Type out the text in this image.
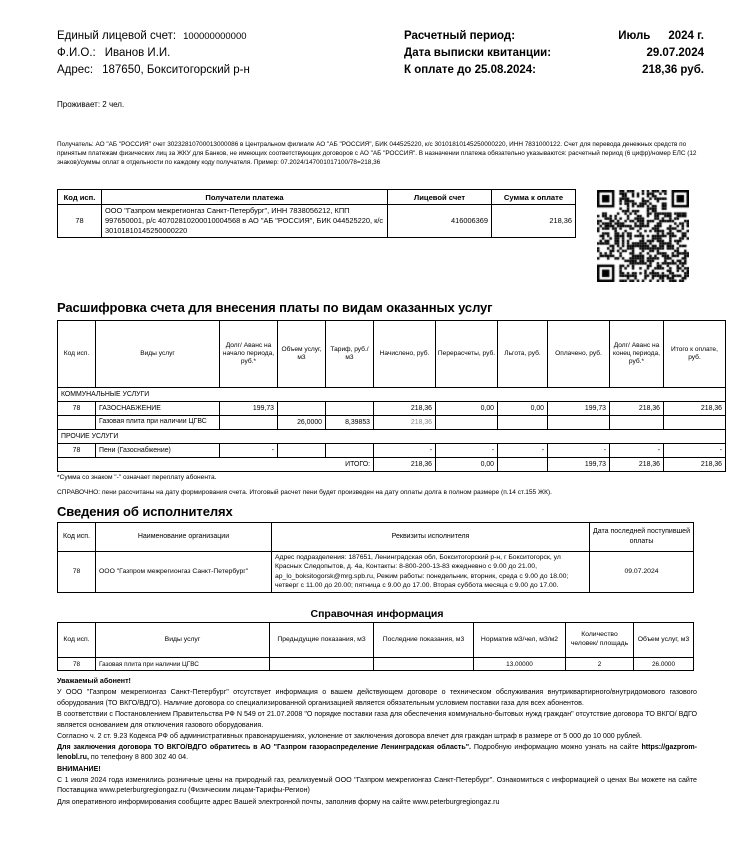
Единый лицевой счет: 100000000000
Ф.И.О.: Иванов И.И.
Адрес: 187650, Бокситогорский р-н
Расчетный период:	Июль 2024 г.
Дата выписки квитанции:	29.07.2024
К оплате до 25.08.2024:	218,36 руб.
Проживает: 2 чел.
Получатель: АО "АБ "РОССИЯ" счет 30232810700013000086 в Центральном филиале АО "АБ "РОССИЯ", БИК 044525220, к/с 30101810145250000220, ИНН 7831000122. Счет для перевода денежных средств по принятым платежам физических лиц за ЖКУ для Банков, не имеющих соответствующих договоров с АО "АБ "РОССИЯ". В назначении платежа обязательно указываются: расчетный период (6 цифр)/номер ЕЛС (12 знаков)/суммы оплат в отдельности по каждому коду получателя. Пример: 07.2024/147001017100/78=218,36
Код исп.	Получатели платежа	Лицевой счет	Сумма к оплате
78	ООО "Газпром межрегионгаз Санкт-Петербург", ИНН 7838056212, КПП 997650001, р/с 40702810200010004568 в АО "АБ "РОССИЯ", БИК 044525220, к/с 30101810145250000220	416006369	218,36
Расшифровка счета для внесения платы по видам оказанных услуг
Код исп.	Виды услуг	Долг/ Аванс на начало периода, руб.*	Объем услуг, м3	Тариф, руб./м3	Начислено, руб.	Перерасчеты, руб.	Льгота, руб.	Оплачено, руб.	Долг/ Аванс на конец периода, руб.*	Итого к оплате, руб.
КОММУНАЛЬНЫЕ УСЛУГИ										
78	ГАЗОСНАБЖЕНИЕ	199,73			218,36	0,00	0,00	199,73	218,36	218,36
	Газовая плита при наличии ЦГВС		26,0000	8,39853	218,36					
ПРОЧИЕ УСЛУГИ										
78	Пени (Газоснабжение)	-			-	-	-	-	-	-
ИТОГО:					218,36	0,00		199,73	218,36	218,36
*Сумма со знаком "-" означает переплату абонента.
СПРАВОЧНО: пени рассчитаны на дату формирования счета. Итоговый расчет пени будет произведен на дату оплаты долга в полном размере (п.14 ст.155 ЖК).
Сведения об исполнителях
Код исп.	Наименование организации	Реквизиты исполнителя	Дата последней поступившей оплаты
78	ООО "Газпром межрегионгаз Санкт-Петербург"	Адрес подразделения: 187651, Ленинградская обл, Бокситогорский р-н, г Бокситогорск, ул Красных Следопытов, д. 4а, Контакты: 8-800-200-13-83 ежедневно с 9.00 до 21.00, ap_lo_boksitogorsk@mrg.spb.ru, Режим работы: понедельник, вторник, среда с 9.00 до 18.00; четверг с 11.00 до 20.00; пятница с 9.00 до 17.00. Вторая суббота месяца с 9.00 до 17.00.	09.07.2024
Справочная информация
Код исп.	Виды услуг	Предыдущие показания, м3	Последние показания, м3	Норматив м3/чел, м3/м2	Количество человек/ площадь	Объем услуг, м3
78	Газовая плита при наличии ЦГВС			13.00000	2	26.0000

Уважаемый абонент!

У ООО "Газпром межрегионгаз Санкт-Петербург" отсутствует информация о вашем действующем договоре о техническом обслуживания внутриквартирного/внутридомового газового оборудования (ТО ВКГО/ВДГО). Наличие договора со специализированной организацией является обязательным условием поставки газа для всех абонентов.

В соответствии с Постановлением Правительства РФ N 549 от 21.07.2008 "О порядке поставки газа для обеспечения коммунально-бытовых нужд граждан" отсутствие договора ТО ВКГО/ ВДГО является основанием для отключения газового оборудования.

Согласно ч. 2 ст. 9.23 Кодекса РФ об административных правонарушениях, уклонение от заключения договора влечет для граждан штраф в размере от 5 000 до 10 000 рублей.

Для заключения договора ТО ВКГО/ВДГО обратитесь в АО "Газпром газораспределение Ленинградская область". Подробную информацию можно узнать на сайте https://gazprom-lenobl.ru, по телефону 8 800 302 40 04.

ВНИМАНИЕ!

С 1 июля 2024 года изменились розничные цены на природный газ, реализуемый ООО "Газпром межрегионгаз Санкт-Петербург". Ознакомиться с информацией о ценах Вы можете на сайте Поставщика www.peterburgregiongaz.ru (Физическим лицам-Тарифы-Регион)

Для оперативного информирования сообщите адрес Вашей электронной почты, заполнив форму на сайте www.peterburgregiongaz.ru
